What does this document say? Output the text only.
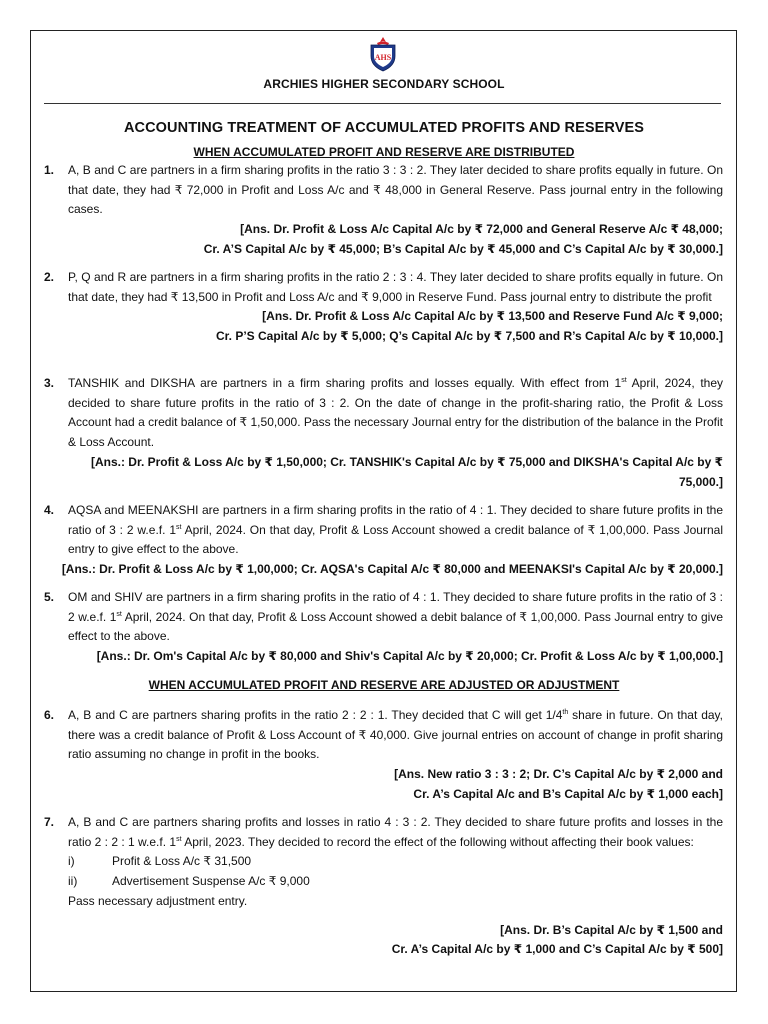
AHS
ARCHIES HIGHER SECONDARY SCHOOL
ACCOUNTING TREATMENT OF ACCUMULATED PROFITS AND RESERVES
WHEN ACCUMULATED PROFIT AND RESERVE ARE DISTRIBUTED
1. A, B and C are partners in a firm sharing profits in the ratio 3 : 3 : 2. They later decided to share profits equally in future. On that date, they had ₹ 72,000 in Profit and Loss A/c and ₹ 48,000 in General Reserve. Pass journal entry in the following cases.
[Ans. Dr. Profit & Loss A/c Capital A/c by ₹ 72,000 and General Reserve A/c ₹ 48,000;
Cr. A’S Capital A/c by ₹ 45,000; B’s Capital A/c by ₹ 45,000 and C’s Capital A/c by ₹ 30,000.]
2. P, Q and R are partners in a firm sharing profits in the ratio 2 : 3 : 4. They later decided to share profits equally in future. On that date, they had ₹ 13,500 in Profit and Loss A/c and ₹ 9,000 in Reserve Fund. Pass journal entry to distribute the profit
[Ans. Dr. Profit & Loss A/c Capital A/c by ₹ 13,500 and Reserve Fund A/c ₹ 9,000;
Cr. P’S Capital A/c by ₹ 5,000; Q’s Capital A/c by ₹ 7,500 and R’s Capital A/c by ₹ 10,000.]
3. TANSHIK and DIKSHA are partners in a firm sharing profits and losses equally. With effect from 1st April, 2024, they decided to share future profits in the ratio of 3 : 2. On the date of change in the profit-sharing ratio, the Profit & Loss Account had a credit balance of ₹ 1,50,000. Pass the necessary Journal entry for the distribution of the balance in the Profit & Loss Account.
[Ans.: Dr. Profit & Loss A/c by ₹ 1,50,000; Cr. TANSHIK's Capital A/c by ₹ 75,000 and DIKSHA's Capital A/c by ₹
75,000.]
4. AQSA and MEENAKSHI are partners in a firm sharing profits in the ratio of 4 : 1. They decided to share future profits in the ratio of 3 : 2 w.e.f. 1st April, 2024. On that day, Profit & Loss Account showed a credit balance of ₹ 1,00,000. Pass Journal entry to give effect to the above.
[Ans.: Dr. Profit & Loss A/c by ₹ 1,00,000; Cr. AQSA's Capital A/c ₹ 80,000 and MEENAKSI's Capital A/c by ₹ 20,000.]
5. OM and SHIV are partners in a firm sharing profits in the ratio of 4 : 1. They decided to share future profits in the ratio of 3 : 2 w.e.f. 1st April, 2024. On that day, Profit & Loss Account showed a debit balance of ₹ 1,00,000. Pass Journal entry to give effect to the above.
[Ans.: Dr. Om's Capital A/c by ₹ 80,000 and Shiv's Capital A/c by ₹ 20,000; Cr. Profit & Loss A/c by ₹ 1,00,000.]
WHEN ACCUMULATED PROFIT AND RESERVE ARE ADJUSTED OR ADJUSTMENT
6. A, B and C are partners sharing profits in the ratio 2 : 2 : 1. They decided that C will get 1/4th share in future. On that day, there was a credit balance of Profit & Loss Account of ₹ 40,000. Give journal entries on account of change in profit sharing ratio assuming no change in profit in the books.
[Ans. New ratio 3 : 3 : 2; Dr. C’s Capital A/c by ₹ 2,000 and
Cr. A’s Capital A/c and B’s Capital A/c by ₹ 1,000 each]
7. A, B and C are partners sharing profits and losses in ratio 4 : 3 : 2. They decided to share future profits and losses in the ratio 2 : 2 : 1 w.e.f. 1st April, 2023. They decided to record the effect of the following without affecting their book values:
i)	Profit & Loss A/c ₹ 31,500
ii)	Advertisement Suspense A/c ₹ 9,000
Pass necessary adjustment entry.
[Ans. Dr. B’s Capital A/c by ₹ 1,500 and
Cr. A’s Capital A/c by ₹ 1,000 and C’s Capital A/c by ₹ 500]
